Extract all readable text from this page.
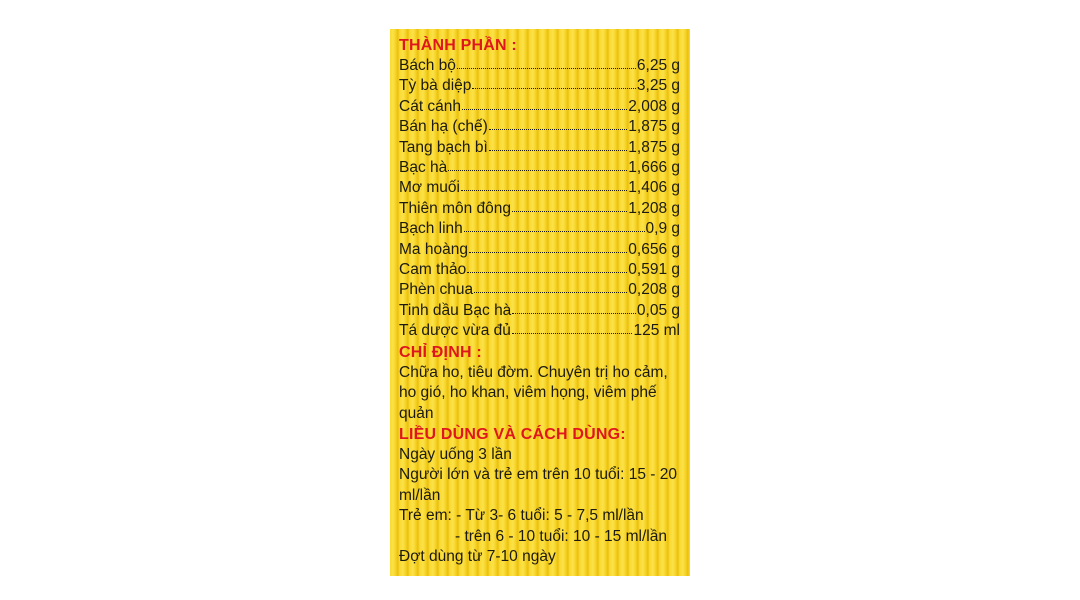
THÀNH PHẦN :
Bách bộ	6,25 g
Tỳ bà diệp	3,25 g
Cát cánh	2,008 g
Bán hạ (chế)	1,875 g
Tang bạch bì	1,875 g
Bạc hà	1,666 g
Mơ muối	1,406 g
Thiên môn đông	1,208 g
Bạch linh	0,9 g
Ma hoàng	0,656 g
Cam thảo	0,591 g
Phèn chua	0,208 g
Tinh dầu Bạc hà	0,05 g
Tá dược vừa đủ	125 ml
CHỈ ĐỊNH :

Chữa ho, tiêu đờm. Chuyên trị ho cảm, ho gió, ho khan, viêm họng, viêm phế quản

LIỀU DÙNG VÀ CÁCH DÙNG:
Ngày uống 3 lần
Người lớn và trẻ em trên 10 tuổi: 15 - 20 ml/lần
Trẻ em: - Từ 3- 6 tuổi: 5 - 7,5 ml/lần
- trên 6 - 10 tuổi: 10 - 15 ml/lần
Đợt dùng từ 7-10 ngày
